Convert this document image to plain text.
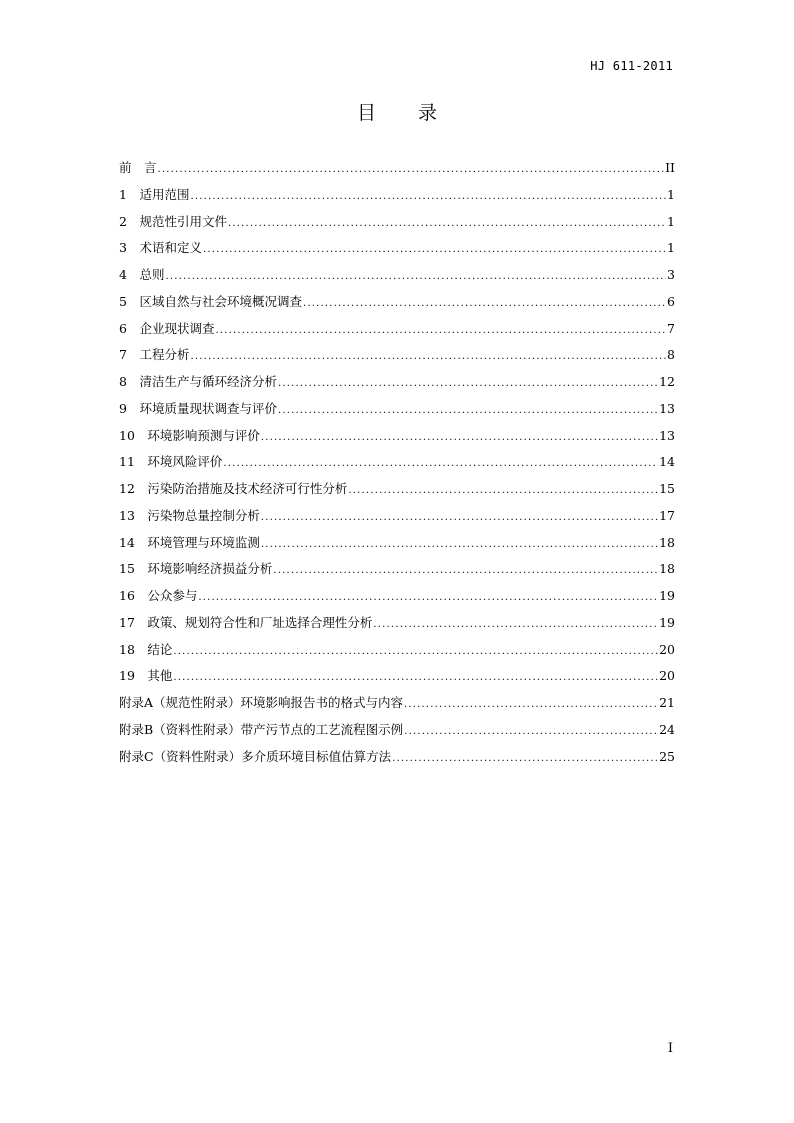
HJ 611-2011
目 录
前　言 .....	II
1　适用范围 .....	1
2　规范性引用文件 .....	1
3　术语和定义 .....	1
4　总则 .....	3
5　区域自然与社会环境概况调查 .....	6
6　企业现状调查 .....	7
7　工程分析 .....	8
8　清洁生产与循环经济分析 .....	12
9　环境质量现状调查与评价 .....	13
10　环境影响预测与评价 .....	13
11　环境风险评价 .....	14
12　污染防治措施及技术经济可行性分析 .....	15
13　污染物总量控制分析 .....	17
14　环境管理与环境监测 .....	18
15　环境影响经济损益分析 .....	18
16　公众参与 .....	19
17　政策、规划符合性和厂址选择合理性分析 .....	19
18　结论 .....	20
19　其他 .....	20
附录A（规范性附录）环境影响报告书的格式与内容 .....	21
附录B（资料性附录）带产污节点的工艺流程图示例 .....	24
附录C（资料性附录）多介质环境目标值估算方法 .....	25
I
